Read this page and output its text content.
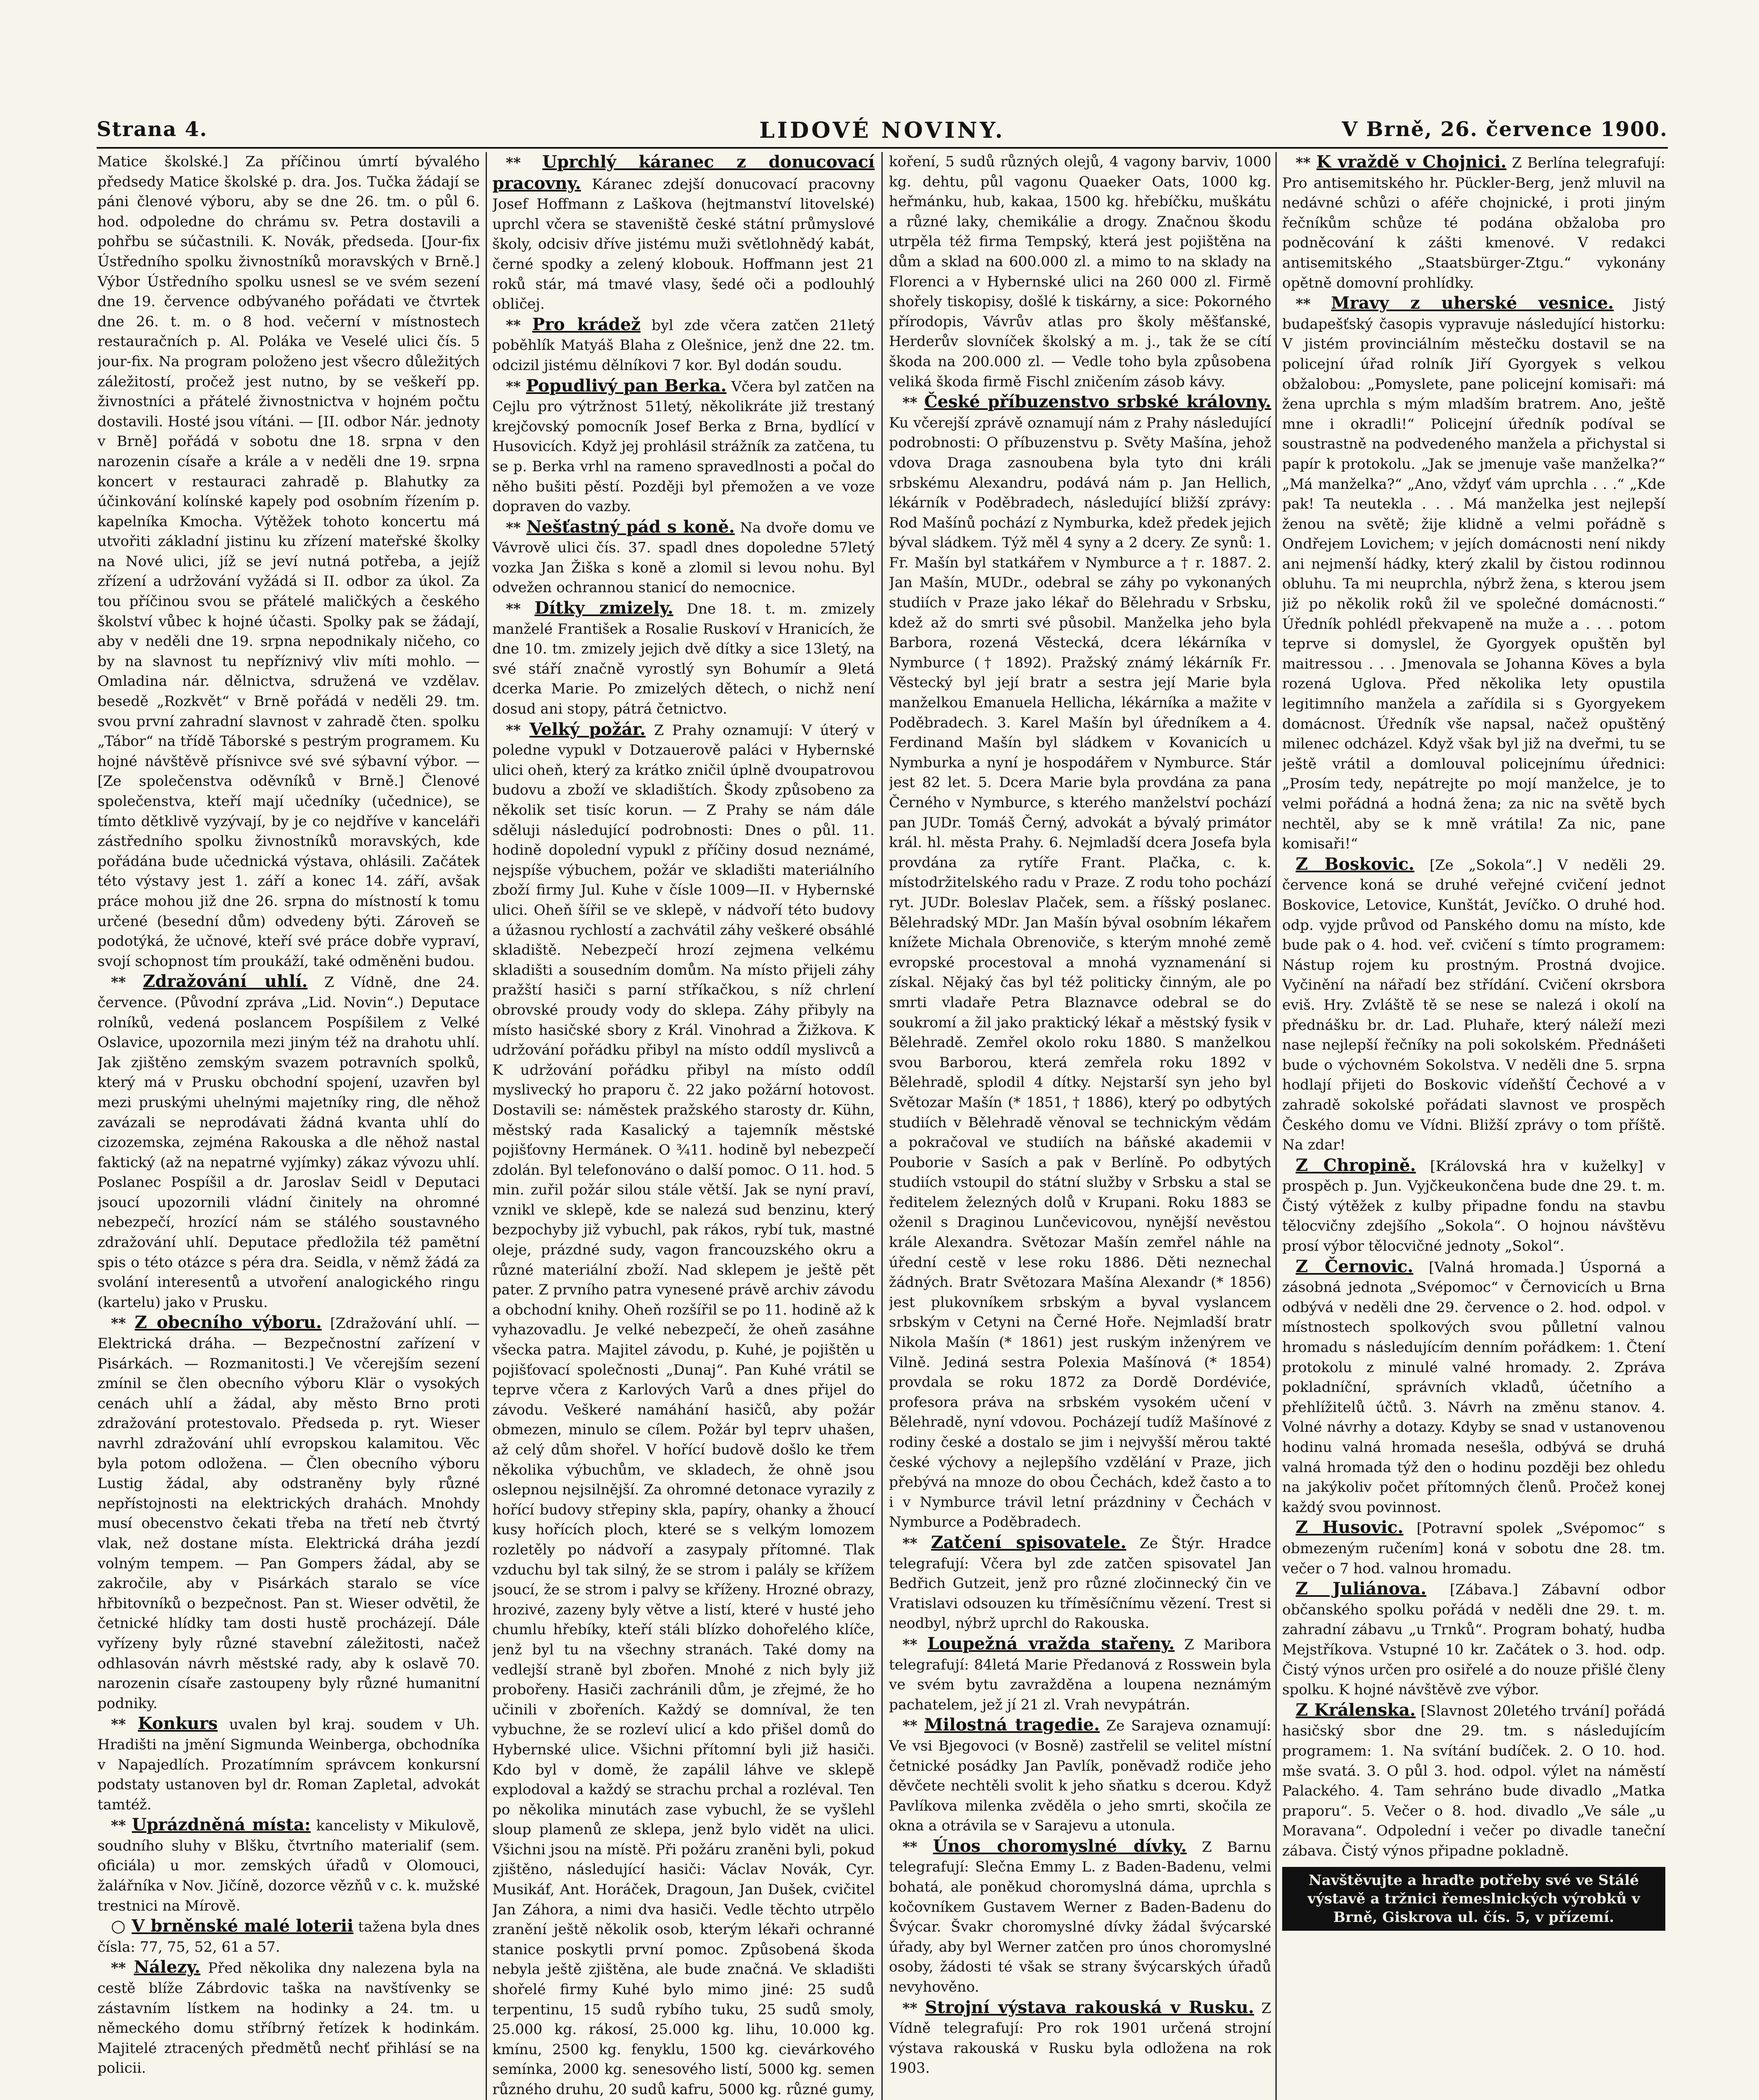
Strana 4.	LIDOVÉ NOVINY.	V Brně, 26. července 1900.

Matice školské.] Za příčinou úmrtí bývalého předsedy Matice školské p. dra. Jos. Tučka žádají se páni členové výboru, aby se dne 26. tm. o půl 6. hod. odpoledne do chrámu sv. Petra dostavili a pohřbu se súčastnili. K. Novák, předseda. [Jour-fix Ústředního spolku živnostníků moravských v Brně.] Výbor Ústředního spolku usnesl se ve svém sezení dne 19. července odbývaného pořádati ve čtvrtek dne 26. t. m. o 8 hod. večerní v místnostech restauračních p. Al. Poláka ve Veselé ulici čís. 5 jour-fix. Na program položeno jest všecro důležitých záležitostí, pročež jest nutno, by se veškeří pp. živnostníci a přátelé živnostnictva v hojném počtu dostavili. Hosté jsou vítáni. — [II. odbor Nár. jednoty v Brně] pořádá v sobotu dne 18. srpna v den narozenin císaře a krále a v neděli dne 19. srpna koncert v restauraci zahradě p. Blahutky za účinkování kolínské kapely pod osobním řízením p. kapelníka Kmocha. Výtěžek tohoto koncertu má utvořiti základní jistinu ku zřízení mateřské školky na Nové ulici, jíž se jeví nutná potřeba, a jejíž zřízení a udržování vyžádá si II. odbor za úkol. Za tou příčinou svou se přátelé maličkých a českého školství vůbec k hojné účasti. Spolky pak se žádají, aby v neděli dne 19. srpna nepodnikaly ničeho, co by na slavnost tu nepříznivý vliv míti mohlo. — Omladina nár. dělnictva, sdružená ve vzdělav. besedě „Rozkvět“ v Brně pořádá v neděli 29. tm. svou první zahradní slavnost v zahradě čten. spolku „Tábor“ na třídě Táborské s pestrým programem. Ku hojné návštěvě přísnivce své své sýbavní výbor. — [Ze společenstva oděvníků v Brně.] Členové společenstva, kteří mají učedníky (učednice), se tímto dětklivě vyzývají, by je co nejdříve v kanceláři zástředního spolku živnostníků moravských, kde pořádána bude učednická výstava, ohlásili. Začátek této výstavy jest 1. září a konec 14. září, avšak práce mohou již dne 26. srpna do místností k tomu určené (besední dům) odvedeny býti. Zároveň se podotýká, že učnové, kteří své práce dobře vypraví, svojí schopnost tím proukáží, také odměněni budou.

** Zdražování uhlí. Z Vídně, dne 24. července. (Původní zpráva „Lid. Novin“.) Deputace rolníků, vedená poslancem Pospíšilem z Velké Oslavice, upozornila mezi jiným též na drahotu uhlí. Jak zjištěno zemským svazem potravních spolků, který má v Prusku obchodní spojení, uzavřen byl mezi pruskými uhelnými majetníky ring, dle něhož zavázali se neprodávati žádná kvanta uhlí do cizozemska, zejména Rakouska a dle něhož nastal faktický (až na nepatrné vyjímky) zákaz vývozu uhlí. Poslanec Pospíšil a dr. Jaroslav Seidl v Deputaci jsoucí upozornili vládní činitely na ohromné nebezpečí, hrozící nám se stálého soustavného zdražování uhlí. Deputace předložila též pamětní spis o této otázce s péra dra. Seidla, v němž žádá za svolání interesentů a utvoření analogického ringu (kartelu) jako v Prusku.

** Z obecního výboru. [Zdražování uhlí. — Elektrická dráha. — Bezpečnostní zařízení v Pisárkách. — Rozmanitosti.] Ve včerejším sezení zmínil se člen obecního výboru Klär o vysokých cenách uhlí a žádal, aby město Brno proti zdražování protestovalo. Předseda p. ryt. Wieser navrhl zdražování uhlí evropskou kalamitou. Věc byla potom odložena. — Člen obecního výboru Lustig žádal, aby odstraněny byly různé nepřístojnosti na elektrických drahách. Mnohdy musí obecenstvo čekati třeba na třetí neb čtvrtý vlak, než dostane místa. Elektrická dráha jezdí volným tempem. — Pan Gompers žádal, aby se zakročile, aby v Pisárkách staralo se více hřbitovníků o bezpečnost. Pan st. Wieser odvětil, že četnické hlídky tam dosti hustě procházejí. Dále vyřízeny byly různé stavební záležitosti, načež odhlasován návrh městské rady, aby k oslavě 70. narozenin císaře zastoupeny byly různé humanitní podniky.

** Konkurs uvalen byl kraj. soudem v Uh. Hradišti na jmění Sigmunda Weinberga, obchodníka v Napajedlích. Prozatímním správcem konkursní podstaty ustanoven byl dr. Roman Zapletal, advokát tamtéž.

** Uprázdněná místa: kancelisty v Mikulově, soudního sluhy v Blšku, čtvrtního materialif (sem. oficiála) u mor. zemských úřadů v Olomouci, žalářníka v Nov. Jičíně, dozorce vězňů v c. k. mužské trestnici na Mírově.

○ V brněnské malé loterii tažena byla dnes čísla: 77, 75, 52, 61 a 57.

** Nálezy. Před několika dny nalezena byla na cestě blíže Zábrdovic taška na navštívenky se zástavním lístkem na hodinky a 24. tm. u německého domu stříbrný řetízek k hodinkám. Majitelé ztracených předmětů nechť přihlásí se na policii.

** Uprchlý káranec z donucovací pracovny. Káranec zdejší donucovací pracovny Josef Hoffmann z Laškova (hejtmanství litovelské) uprchl včera se staveniště české státní průmyslové školy, odcisiv dříve jistému muži světlohnědý kabát, černé spodky a zelený klobouk. Hoffmann jest 21 roků stár, má tmavé vlasy, šedé oči a podlouhlý obličej.

** Pro krádež byl zde včera zatčen 21letý poběhlík Matyáš Blaha z Olešnice, jenž dne 22. tm. odcizil jistému dělníkovi 7 kor. Byl dodán soudu.

** Popudlivý pan Berka. Včera byl zatčen na Cejlu pro výtržnost 51letý, několikráte již trestaný krejčovský pomocník Josef Berka z Brna, bydlící v Husovicích. Když jej prohlásil strážník za zatčena, tu se p. Berka vrhl na rameno spravedlnosti a počal do něho bušiti pěstí. Později byl přemožen a ve voze dopraven do vazby.

** Nešťastný pád s koně. Na dvoře domu ve Vávrově ulici čís. 37. spadl dnes dopoledne 57letý vozka Jan Žiška s koně a zlomil si levou nohu. Byl odvežen ochrannou stanicí do nemocnice.

** Dítky zmizely. Dne 18. t. m. zmizely manželé František a Rosalie Ruskoví v Hranicích, že dne 10. tm. zmizely jejich dvě dítky a sice 13letý, na své stáří značně vyrostlý syn Bohumír a 9letá dcerka Marie. Po zmizelých dětech, o nichž není dosud ani stopy, pátrá četnictvo.

** Velký požár. Z Prahy oznamují: V úterý v poledne vypukl v Dotzauerově paláci v Hybernské ulici oheň, který za krátko zničil úplně dvoupatrovou budovu a zboží ve skladištích. Škody způsobeno za několik set tisíc korun. — Z Prahy se nám dále sděluji následující podrobnosti: Dnes o půl. 11. hodině dopolední vypukl z příčiny dosud neznámé, nejspíše výbuchem, požár ve skladišti materiálního zboží firmy Jul. Kuhe v čísle 1009—II. v Hybernské ulici. Oheň šířil se ve sklepě, v nádvoří této budovy a úžasnou rychlostí a zachvátil záhy veškeré obsáhlé skladiště. Nebezpečí hrozí zejmena velkému skladišti a sousedním domům. Na místo přijeli záhy pražští hasiči s parní stříkačkou, s níž chrlení obrovské proudy vody do sklepa. Záhy přibyly na místo hasičské sbory z Král. Vinohrad a Žižkova. K udržování pořádku přibyl na místo oddíl myslivců a K udržování pořádku přibyl na místo oddíl myslivecký ho praporu č. 22 jako požární hotovost. Dostavili se: náměstek pražského starosty dr. Kühn, městský rada Kasalický a tajemník městské pojišťovny Hermánek. O ¾11. hodině byl nebezpečí zdolán. Byl telefonováno o další pomoc. O 11. hod. 5 min. zuřil požár silou stále větší. Jak se nyní praví, vznikl ve sklepě, kde se nalezá sud benzinu, který bezpochyby již vybuchl, pak rákos, rybí tuk, mastné oleje, prázdné sudy, vagon francouzského okru a různé materiální zboží. Nad sklepem je ještě pět pater. Z prvního patra vynesené právě archiv závodu a obchodní knihy. Oheň rozšířil se po 11. hodině až k vyhazovadlu. Je velké nebezpečí, že oheň zasáhne všecka patra. Majitel závodu, p. Kuhé, je pojištěn u pojišťovací společnosti „Dunaj“. Pan Kuhé vrátil se teprve včera z Karlových Varů a dnes přijel do závodu. Veškeré namáhání hasičů, aby požár obmezen, minulo se cílem. Požár byl teprv uhašen, až celý dům shořel. V hořící budově došlo ke třem několika výbuchům, ve skladech, že ohně jsou oslepnou nejsilnější. Za ohromné detonace vyrazily z hořící budovy střepiny skla, papíry, ohanky a žhoucí kusy hořících ploch, které se s velkým lomozem rozletěly po nádvoří a zasypaly přítomné. Tlak vzduchu byl tak silný, že se strom i palály se křížem jsoucí, že se strom i palvy se kříženy. Hrozné obrazy, hrozivé, zazeny byly větve a listí, které v husté jeho chumlu hřebíky, kteří stáli blízko dohořelého klíče, jenž byl tu na všechny stranách. Také domy na vedlejší straně byl zbořen. Mnohé z nich byly již probořeny. Hasiči zachránili dům, je zřejmé, že ho učinili v zbořeních. Každý se domníval, že ten vybuchne, že se rozleví ulicí a kdo přišel domů do Hybernské ulice. Všichni přítomní byli již hasiči. Kdo byl v domě, že zapálil láhve ve sklepě explodoval a každý se strachu prchal a rozléval. Ten po několika minutách zase vybuchl, že se vyšlehl sloup plamenů ze sklepa, jenž bylo vidět na ulici. Všichni jsou na místě. Při požáru zraněni byli, pokud zjištěno, následující hasiči: Václav Novák, Cyr. Musikáf, Ant. Horáček, Dragoun, Jan Dušek, cvičitel Jan Záhora, a nimi dva hasiči. Vedle těchto utrpělo zranění ještě několik osob, kterým lékaři ochranné stanice poskytli první pomoc. Způsobená škoda nebyla ještě zjištěna, ale bude značná. Ve skladišti shořelé firmy Kuhé bylo mimo jiné: 25 sudů terpentinu, 15 sudů rybího tuku, 25 sudů smoly, 25.000 kg. rákosí, 25.000 kg. lihu, 10.000 kg. kmínu, 2500 kg. fenyklu, 1500 kg. cievárkového semínka, 2000 kg. senesového listí, 5000 kg. semen různého druhu, 20 sudů kafru, 5000 kg. různé gumy,

koření, 5 sudů různých olejů, 4 vagony barviv, 1000 kg. dehtu, půl vagonu Quaeker Oats, 1000 kg. heřmánku, hub, kakaa, 1500 kg. hřebíčku, muškátu a různé laky, chemikálie a drogy. Značnou škodu utrpěla též firma Tempský, která jest pojištěna na dům a sklad na 600.000 zl. a mimo to na sklady na Florenci a v Hybernské ulici na 260 000 zl. Firmě shořely tiskopisy, došlé k tiskárny, a sice: Pokorného přírodopis, Vávrův atlas pro školy měšťanské, Herderův slovníček školský a m. j., tak že se cítí škoda na 200.000 zl. — Vedle toho byla způsobena veliká škoda firmě Fischl zničením zásob kávy.

** České příbuzenstvo srbské královny. Ku včerejší zprávě oznamují nám z Prahy následující podrobnosti: O příbuzenstvu p. Světy Mašína, jehož vdova Draga zasnoubena byla tyto dni králi srbskému Alexandru, podává nám p. Jan Hellich, lékárník v Poděbradech, následující bližší zprávy: Rod Mašínů pochází z Nymburka, kdež předek jejich býval sládkem. Týž měl 4 syny a 2 dcery. Ze synů: 1. Fr. Mašín byl statkářem v Nymburce a † r. 1887. 2. Jan Mašín, MUDr., odebral se záhy po vykonaných studiích v Praze jako lékař do Bělehradu v Srbsku, kdež až do smrti své působil. Manželka jeho byla Barbora, rozená Věstecká, dcera lékárníka v Nymburce († 1892). Pražský známý lékárník Fr. Věstecký byl její bratr a sestra její Marie byla manželkou Emanuela Hellicha, lékárníka a mažite v Poděbradech. 3. Karel Mašín byl úředníkem a 4. Ferdinand Mašín byl sládkem v Kovanicích u Nymburka a nyní je hospodářem v Nymburce. Stár jest 82 let. 5. Dcera Marie byla provdána za pana Černého v Nymburce, s kterého manželství pochází pan JUDr. Tomáš Černý, advokát a bývalý primátor král. hl. města Prahy. 6. Nejmladší dcera Josefa byla provdána za rytíře Frant. Plačka, c. k. místodržitelského radu v Praze. Z rodu toho pochází ryt. JUDr. Boleslav Plaček, sem. a říšský poslanec. Bělehradský MDr. Jan Mašín býval osobním lékařem knížete Michala Obrenoviče, s kterým mnohé země evropské procestoval a mnohá vyznamenání si získal. Nějaký čas byl též politicky činným, ale po smrti vladaře Petra Blaznavce odebral se do soukromí a žil jako praktický lékař a městský fysik v Bělehradě. Zemřel okolo roku 1880. S manželkou svou Barborou, která zemřela roku 1892 v Bělehradě, splodil 4 dítky. Nejstarší syn jeho byl Světozar Mašín (* 1851, † 1886), který po odbytých studiích v Bělehradě věnoval se technickým vědám a pokračoval ve studiích na báňské akademii v Pouborie v Sasích a pak v Berlíně. Po odbytých studiích vstoupil do státní služby v Srbsku a stal se ředitelem železných dolů v Krupani. Roku 1883 se oženil s Draginou Lunčevicovou, nynější nevěstou krále Alexandra. Světozar Mašín zemřel náhle na úřední cestě v lese roku 1886. Děti neznechal žádných. Bratr Světozara Mašína Alexandr (* 1856) jest plukovníkem srbským a byval vyslancem srbským v Cetyni na Černé Hoře. Nejmladší bratr Nikola Mašín (* 1861) jest ruským inženýrem ve Vilně. Jediná sestra Polexia Mašínová (* 1854) provdala se roku 1872 za Dordě Dordéviće, profesora práva na srbském vysokém učení v Bělehradě, nyní vdovou. Pocházejí tudíž Mašínové z rodiny české a dostalo se jim i nejvyšší měrou takté české výchovy a nejlepšího vzdělání v Praze, jich přebývá na mnoze do obou Čechách, kdež často a to i v Nymburce trávil letní prázdniny v Čechách v Nymburce a Poděbradech.

** Zatčení spisovatele. Ze Štýr. Hradce telegrafují: Včera byl zde zatčen spisovatel Jan Bedřich Gutzeit, jenž pro různé zločinnecký čin ve Vratislavi odsouzen ku tříměsíčnímu vězení. Trest si neodbyl, nýbrž uprchl do Rakouska.

** Loupežná vražda stařeny. Z Maribora telegrafují: 84letá Marie Předanová z Rosswein byla ve svém bytu zavražděna a loupena neznámým pachatelem, jež jí 21 zl. Vrah nevypátrán.

** Milostná tragedie. Ze Sarajeva oznamují: Ve vsi Bjegovoci (v Bosně) zastřelil se velitel místní četnické posádky Jan Pavlík, poněvadž rodiče jeho děvčete nechtěli svolit k jeho sňatku s dcerou. Když Pavlíkova milenka zvěděla o jeho smrti, skočila ze okna a otrávila se v Sarajevu a utonula.

** Únos choromyslné dívky. Z Barnu telegrafují: Slečna Emmy L. z Baden-Badenu, velmi bohatá, ale poněkud choromyslná dáma, uprchla s kočovníkem Gustavem Werner z Baden-Badenu do Švýcar. Švakr choromyslné dívky žádal švýcarské úřady, aby byl Werner zatčen pro únos choromyslné osoby, žádosti té však se strany švýcarských úřadů nevyhověno.

** Strojní výstava rakouská v Rusku. Z Vídně telegrafují: Pro rok 1901 určená strojní výstava rakouská v Rusku byla odložena na rok 1903.

** K vraždě v Chojnici. Z Berlína telegrafují: Pro antisemitského hr. Pückler-Berg, jenž mluvil na nedávné schůzi o aféře chojnické, i proti jiným řečníkům schůze té podána obžaloba pro podněcování k zášti kmenové. V redakci antisemitského „Staatsbürger-Ztgu.“ vykonány opětně domovní prohlídky.

** Mravy z uherské vesnice. Jistý budapešťský časopis vypravuje následující historku: V jistém provinciálním městečku dostavil se na policejní úřad rolník Jiří Gyorgyek s velkou obžalobou: „Pomyslete, pane policejní komisaři: má žena uprchla s mým mladším bratrem. Ano, ještě mne i okradli!“ Policejní úředník podíval se soustrastně na podvedeného manžela a přichystal si papír k protokolu. „Jak se jmenuje vaše manželka?“ „Má manželka?“ „Ano, vždyť vám uprchla . . .“ „Kde pak! Ta neutekla . . . Má manželka jest nejlepší ženou na světě; žije klidně a velmi pořádně s Ondřejem Lovichem; v jejích domácnosti není nikdy ani nejmenší hádky, který zkalil by čistou rodinnou obluhu. Ta mi neuprchla, nýbrž žena, s kterou jsem již po několik roků žil ve společné domácnosti.“ Úředník pohlédl překvapeně na muže a . . . potom teprve si domyslel, že Gyorgyek opuštěn byl maitressou . . . Jmenovala se Johanna Köves a byla rozená Uglova. Před několika lety opustila legitimního manžela a zařídila si s Gyorgyekem domácnost. Úředník vše napsal, načež opuštěný milenec odcházel. Když však byl již na dveřmi, tu se ještě vrátil a domlouval policejnímu úřednici: „Prosím tedy, nepátrejte po mojí manželce, je to velmi pořádná a hodná žena; za nic na světě bych nechtěl, aby se k mně vrátila! Za nic, pane komisaři!“

Z Boskovic. [Ze „Sokola“.] V neděli 29. července koná se druhé veřejné cvičení jednot Boskovice, Letovice, Kunštát, Jevíčko. O druhé hod. odp. vyjde průvod od Panského domu na místo, kde bude pak o 4. hod. veř. cvičení s tímto programem: Nástup rojem ku prostným. Prostná dvojice. Vyčinění na nářadí bez střídání. Cvičení okrsbora eviš. Hry. Zvláště tě se nese se nalezá i okolí na přednášku br. dr. Lad. Pluhaře, který náleží mezi nase nejlepší řečníky na poli sokolském. Přednášeti bude o výchovném Sokolstva. V neděli dne 5. srpna hodlají přijeti do Boskovic vídeňští Čechové a v zahradě sokolské pořádati slavnost ve prospěch Českého domu ve Vídni. Bližší zprávy o tom příště. Na zdar!

Z Chropině. [Královská hra v kuželky] v prospěch p. Jun. Vyjčkeukončena bude dne 29. t. m. Čistý výtěžek z kulby připadne fondu na stavbu tělocvičny zdejšího „Sokola“. O hojnou návštěvu prosí výbor tělocvičné jednoty „Sokol“.

Z Černovic. [Valná hromada.] Úsporná a zásobná jednota „Svépomoc“ v Černovicích u Brna odbývá v neděli dne 29. července o 2. hod. odpol. v místnostech spolkových svou půlletní valnou hromadu s následujícím denním pořádkem: 1. Čtení protokolu z minulé valné hromady. 2. Zpráva pokladníční, správních vkladů, účetního a přehlížitelů účtů. 3. Návrh na změnu stanov. 4. Volné návrhy a dotazy. Kdyby se snad v ustanovenou hodinu valná hromada nesešla, odbývá se druhá valná hromada týž den o hodinu později bez ohledu na jakýkoliv počet přítomných členů. Pročež konej každý svou povinnost.

Z Husovic. [Potravní spolek „Svépomoc“ s obmezeným ručením] koná v sobotu dne 28. tm. večer o 7 hod. valnou hromadu.

Z Juliánova. [Zábava.] Zábavní odbor občanského spolku pořádá v neděli dne 29. t. m. zahradní zábavu „u Trnků“. Program bohatý, hudba Mejstříkova. Vstupné 10 kr. Začátek o 3. hod. odp. Čistý výnos určen pro osiřelé a do nouze přišlé členy spolku. K hojné návštěvě zve výbor.

Z Králenska. [Slavnost 20letého trvání] pořádá hasičský sbor dne 29. tm. s následujícím programem: 1. Na svítání budíček. 2. O 10. hod. mše svatá. 3. O půl 3. hod. odpol. výlet na náměstí Palackého. 4. Tam sehráno bude divadlo „Matka praporu“. 5. Večer o 8. hod. divadlo „Ve sále „u Moravana“. Odpolední i večer po divadle taneční zábava. Čistý výnos připadne pokladně.

Navštěvujte a hraďte potřeby své ve Stálé výstavě a tržnici řemeslnických výrobků v Brně, Giskrova ul. čís. 5, v přízemí.
